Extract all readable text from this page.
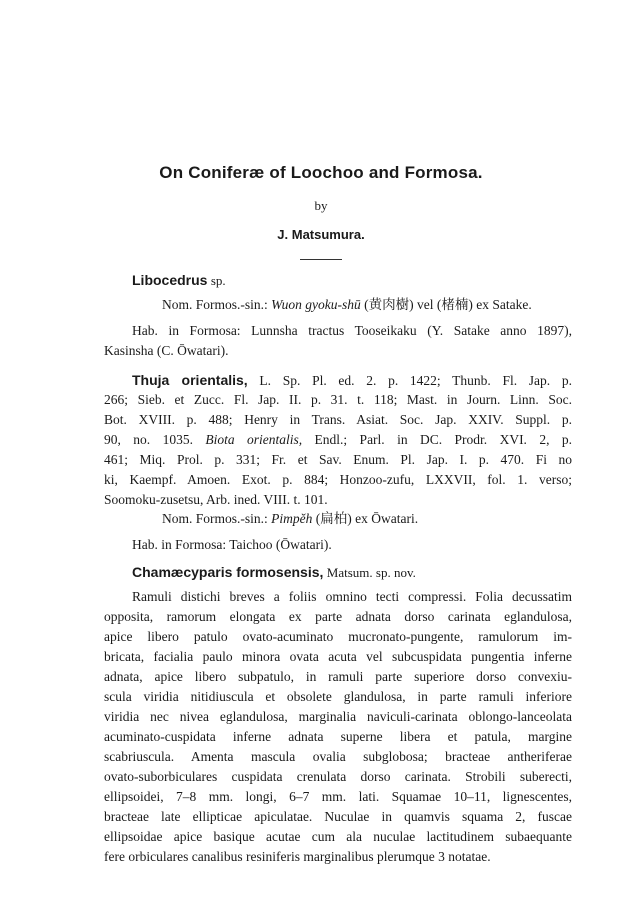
On Coniferæ of Loochoo and Formosa.
by
J. Matsumura.
Libocedrus sp.
Nom. Formos.-sin.: Wuon gyoku-shū (黄肉樹) vel (楮楠) ex Satake.
Hab. in Formosa: Lunnsha tractus Tooseikaku (Y. Satake anno 1897),
Kasinsha (C. Ōwatari).
Thuja orientalis, L. Sp. Pl. ed. 2. p. 1422; Thunb. Fl. Jap. p.
266; Sieb. et Zucc. Fl. Jap. II. p. 31. t. 118; Mast. in Journ. Linn. Soc.
Bot. XVIII. p. 488; Henry in Trans. Asiat. Soc. Jap. XXIV. Suppl. p.
90, no. 1035. Biota orientalis, Endl.; Parl. in DC. Prodr. XVI. 2, p.
461; Miq. Prol. p. 331; Fr. et Sav. Enum. Pl. Jap. I. p. 470. Fi no
ki, Kaempf. Amoen. Exot. p. 884; Honzoo-zufu, LXXVII, fol. 1. verso;
Soomoku-zusetsu, Arb. ined. VIII. t. 101.
Nom. Formos.-sin.: Pimpĕh (扁柏) ex Ōwatari.
Hab. in Formosa: Taichoo (Ōwatari).
Chamæcyparis formosensis, Matsum. sp. nov.
Ramuli distichi breves a foliis omnino tecti compressi. Folia decussatim
opposita, ramorum elongata ex parte adnata dorso carinata eglandulosa,
apice libero patulo ovato-acuminato mucronato-pungente, ramulorum im-
bricata, facialia paulo minora ovata acuta vel subcuspidata pungentia inferne
adnata, apice libero subpatulo, in ramuli parte superiore dorso convexiu-
scula viridia nitidiuscula et obsolete glandulosa, in parte ramuli inferiore
viridia nec nivea eglandulosa, marginalia naviculi-carinata oblongo-lanceolata
acuminato-cuspidata inferne adnata superne libera et patula, margine
scabriuscula. Amenta mascula ovalia subglobosa; bracteae antheriferae
ovato-suborbiculares cuspidata crenulata dorso carinata. Strobili suberecti,
ellipsoidei, 7–8 mm. longi, 6–7 mm. lati. Squamae 10–11, lignescentes,
bracteae late ellipticae apiculatae. Nuculae in quamvis squama 2, fuscae
ellipsoidae apice basique acutae cum ala nuculae lactitudinem subaequante
fere orbiculares canalibus resiniferis marginalibus plerumque 3 notatae.
